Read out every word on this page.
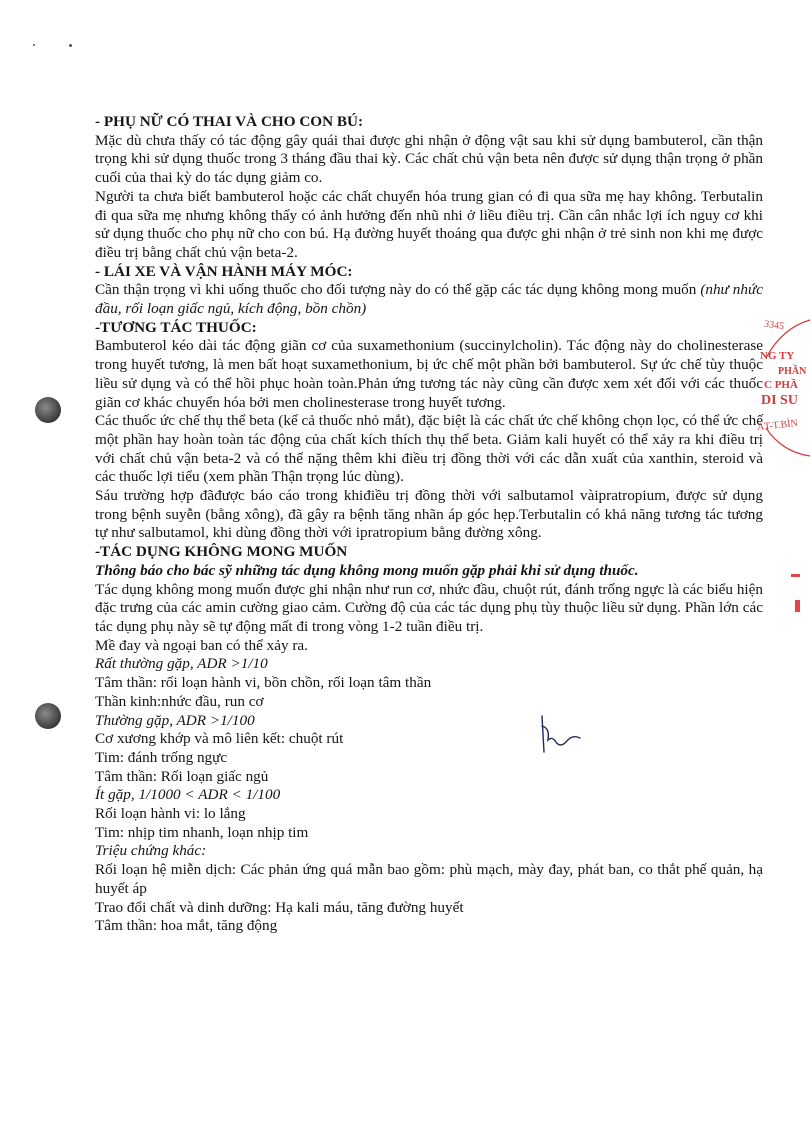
- PHỤ NỮ CÓ THAI VÀ CHO CON BÚ:

Mặc dù chưa thấy có tác động gây quái thai được ghi nhận ở động vật sau khi sử dụng bambuterol, cần thận trọng khi sử dụng thuốc trong 3 tháng đầu thai kỳ. Các chất chủ vận beta nên được sử dụng thận trọng ở phần cuối của thai kỳ do tác dụng giảm co.

Người ta chưa biết bambuterol hoặc các chất chuyển hóa trung gian có đi qua sữa mẹ hay không. Terbutalin đi qua sữa mẹ nhưng không thấy có ảnh hưởng đến nhũ nhi ở liều điều trị. Cần cân nhắc lợi ích nguy cơ khi sử dụng thuốc cho phụ nữ cho con bú. Hạ đường huyết thoáng qua được ghi nhận ở trẻ sinh non khi mẹ được điều trị bằng chất chủ vận beta-2.

- LÁI XE VÀ VẬN HÀNH MÁY MÓC:

Cần thận trọng vì khi uống thuốc cho đối tượng này do có thể gặp các tác dụng không mong muốn (như nhức đầu, rối loạn giấc ngủ, kích động, bồn chồn)

-TƯƠNG TÁC THUỐC:

Bambuterol kéo dài tác động giãn cơ của suxamethonium (succinylcholin). Tác động này do cholinesterase trong huyết tương, là men bất hoạt suxamethonium, bị ức chế một phần bởi bambuterol. Sự ức chế tùy thuộc liều sử dụng và có thể hồi phục hoàn toàn.Phản ứng tương tác này cũng cần được xem xét đối với các thuốc giãn cơ khác chuyển hóa bởi men cholinesterase trong huyết tương.

Các thuốc ức chế thụ thể beta (kể cả thuốc nhỏ mắt), đặc biệt là các chất ức chế không chọn lọc, có thể ức chế một phần hay hoàn toàn tác động của chất kích thích thụ thể beta. Giảm kali huyết có thể xảy ra khi điều trị với chất chủ vận beta-2 và có thể nặng thêm khi điều trị đồng thời với các dẫn xuất của xanthin, steroid và các thuốc lợi tiểu (xem phần Thận trọng lúc dùng).

Sáu trường hợp đãđược báo cáo trong khiđiều trị đồng thời với salbutamol vàipratropium, được sử dụng trong bệnh suyễn (bằng xông), đã gây ra bệnh tăng nhãn áp góc hẹp.Terbutalin có khả năng tương tác tương tự như salbutamol, khi dùng đồng thời với ipratropium bằng đường xông.

-TÁC DỤNG KHÔNG MONG MUỐN

Thông báo cho bác sỹ những tác dụng không mong muốn gặp phải khi sử dụng thuốc.

Tác dụng không mong muốn được ghi nhận như run cơ, nhức đầu, chuột rút, đánh trống ngực là các biểu hiện đặc trưng của các amin cường giao cảm. Cường độ của các tác dụng phụ tùy thuộc liều sử dụng. Phần lớn các tác dụng phụ này sẽ tự động mất đi trong vòng 1-2 tuần điều trị.

Mề đay và ngoại ban có thể xảy ra.

Rất thường gặp, ADR >1/10

Tâm thần: rối loạn hành vi, bồn chồn, rối loạn tâm thần

Thần kinh:nhức đầu, run cơ

Thường gặp, ADR >1/100

Cơ xương khớp và mô liên kết: chuột rút

Tim: đánh trống ngực

Tâm thần: Rối loạn giấc ngủ

Ít gặp, 1/1000 < ADR < 1/100

Rối loạn hành vi: lo lắng

Tim: nhịp tim nhanh, loạn nhịp tim

Triệu chứng khác:

Rối loạn hệ miễn dịch: Các phản ứng quá mẫn bao gồm: phù mạch, mày đay, phát ban, co thắt phế quản, hạ huyết áp

Trao đổi chất và dinh dưỡng: Hạ kali máu, tăng đường huyết

Tâm thần: hoa mắt, tăng động

3345
NG TY
PHẦN
C PHẦ
DI SU
ÁT-T.BÌN
